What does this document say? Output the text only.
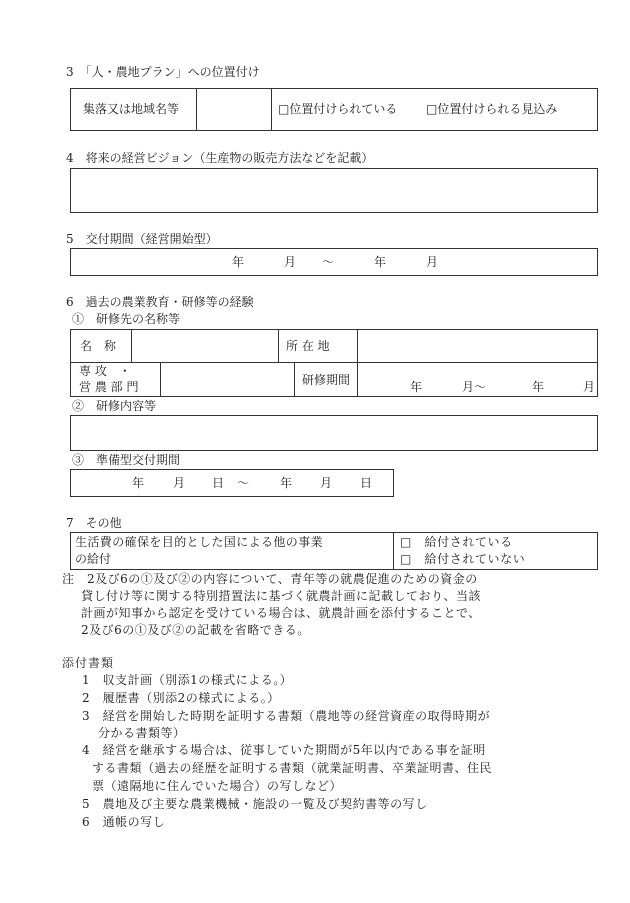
3　「人・農地プラン」への位置付け
集落又は地域名等	□位置付けられている □位置付けられる見込み
4　将来の経営ビジョン（生産物の販売方法などを記載）
5　交付期間（経営開始型）
年	月 ～	年	月
6　過去の農業教育・研修等の経験
①　研修先の名称等
名　称	所 在 地
専 攻　・
営 農 部 門	研修期間	年	月～	年	月
②　研修内容等
③　準備型交付期間
年 月 日 ～	年 月 日
7　その他
生活費の確保を目的とした国による他の事業
の給付
□　給付されている
□　給付されていない
注　2及び6の①及び②の内容について、青年等の就農促進のための資金の
貸し付け等に関する特別措置法に基づく就農計画に記載しており、当該
計画が知事から認定を受けている場合は、就農計画を添付することで、
2及び6の①及び②の記載を省略できる。
添付書類
1　収支計画（別添1の様式による。）
2　履歴書（別添2の様式による。）
3　経営を開始した時期を証明する書類（農地等の経営資産の取得時期が
分かる書類等）
4　経営を継承する場合は、従事していた期間が5年以内である事を証明
する書類（過去の経歴を証明する書類（就業証明書、卒業証明書、住民
票（遠隔地に住んでいた場合）の写しなど）
5　農地及び主要な農業機械・施設の一覧及び契約書等の写し
6　通帳の写し
